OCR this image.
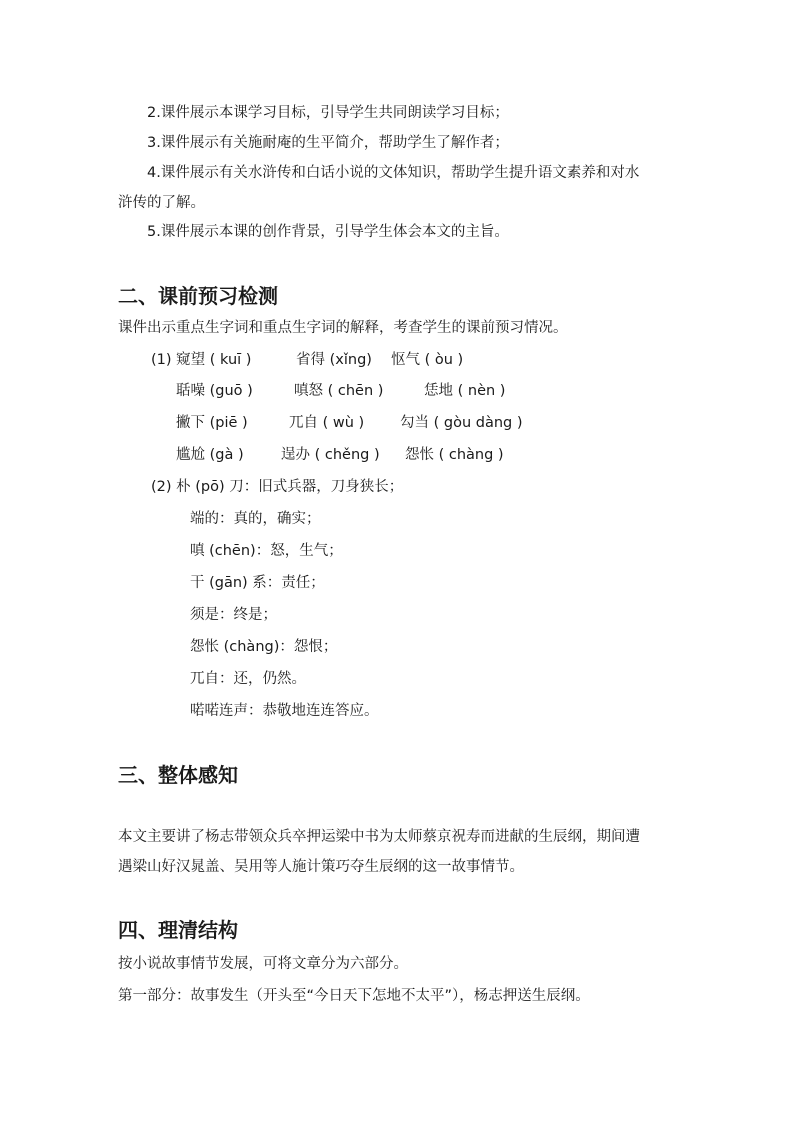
2.课件展示本课学习目标，引导学生共同朗读学习目标；
3.课件展示有关施耐庵的生平简介，帮助学生了解作者；
4.课件展示有关水浒传和白话小说的文体知识，帮助学生提升语文素养和对水
浒传的了解。
5.课件展示本课的创作背景，引导学生体会本文的主旨。
二、课前预习检测
课件出示重点生字词和重点生字词的解释，考查学生的课前预习情况。
(1) 窥望 ( kuī )	省得 (xǐng) 怄气 ( òu )
聒噪 (guō )	嗔怒 ( chēn )	恁地 ( nèn )
撇下 (piē )	兀自 ( wù ) 勾当 ( gòu dàng )
尴尬 (gà )	逞办 ( chěng ) 怨怅 ( chàng )
(2) 朴 (pō) 刀：旧式兵器，刀身狭长；
端的：真的，确实；
嗔 (chēn)：怒，生气；
干 (gān) 系：责任；
须是：终是；
怨怅 (chàng)：怨恨；
兀自：还，仍然。
喏喏连声：恭敬地连连答应。
三、整体感知
本文主要讲了杨志带领众兵卒押运梁中书为太师蔡京祝寿而进献的生辰纲，期间遭
遇梁山好汉晁盖、吴用等人施计策巧夺生辰纲的这一故事情节。
四、理清结构
按小说故事情节发展，可将文章分为六部分。
第一部分：故事发生（开头至“今日天下怎地不太平”），杨志押送生辰纲。
